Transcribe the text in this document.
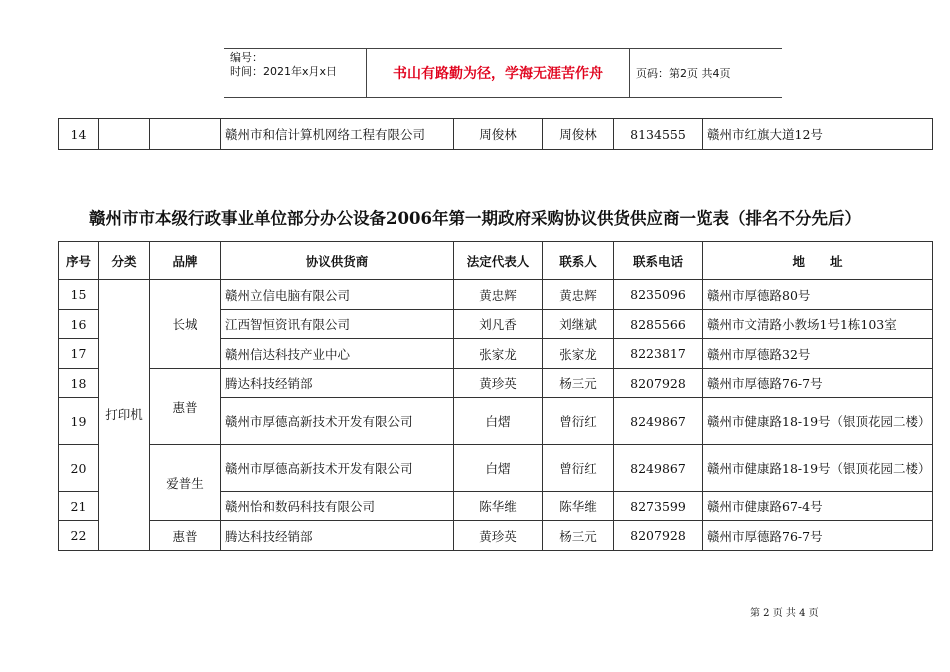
编号：
时间：2021年x月x日	书山有路勤为径，学海无涯苦作舟	页码：第2页 共4页
14			赣州市和信计算机网络工程有限公司	周俊林	周俊林	8134555	赣州市红旗大道12号
赣州市市本级行政事业单位部分办公设备2006年第一期政府采购协议供货供应商一览表（排名不分先后）
序号	分类	品牌	协议供货商	法定代表人	联系人	联系电话	地　　址
15	打印机	长城	赣州立信电脑有限公司	黄忠辉	黄忠辉	8235096	赣州市厚德路80号
16			江西智恒资讯有限公司	刘凡香	刘继斌	8285566	赣州市文清路小教场1号1栋103室
17			赣州信达科技产业中心	张家龙	张家龙	8223817	赣州市厚德路32号
18		惠普	腾达科技经销部	黄珍英	杨三元	8207928	赣州市厚德路76-7号
19			赣州市厚德高新技术开发有限公司	白熠	曾衍红	8249867	赣州市健康路18-19号（银顶花园二楼）
20		爱普生	赣州市厚德高新技术开发有限公司	白熠	曾衍红	8249867	赣州市健康路18-19号（银顶花园二楼）
21			赣州怡和数码科技有限公司	陈华维	陈华维	8273599	赣州市健康路67-4号
22		惠普	腾达科技经销部	黄珍英	杨三元	8207928	赣州市厚德路76-7号
第 2 页 共 4 页
